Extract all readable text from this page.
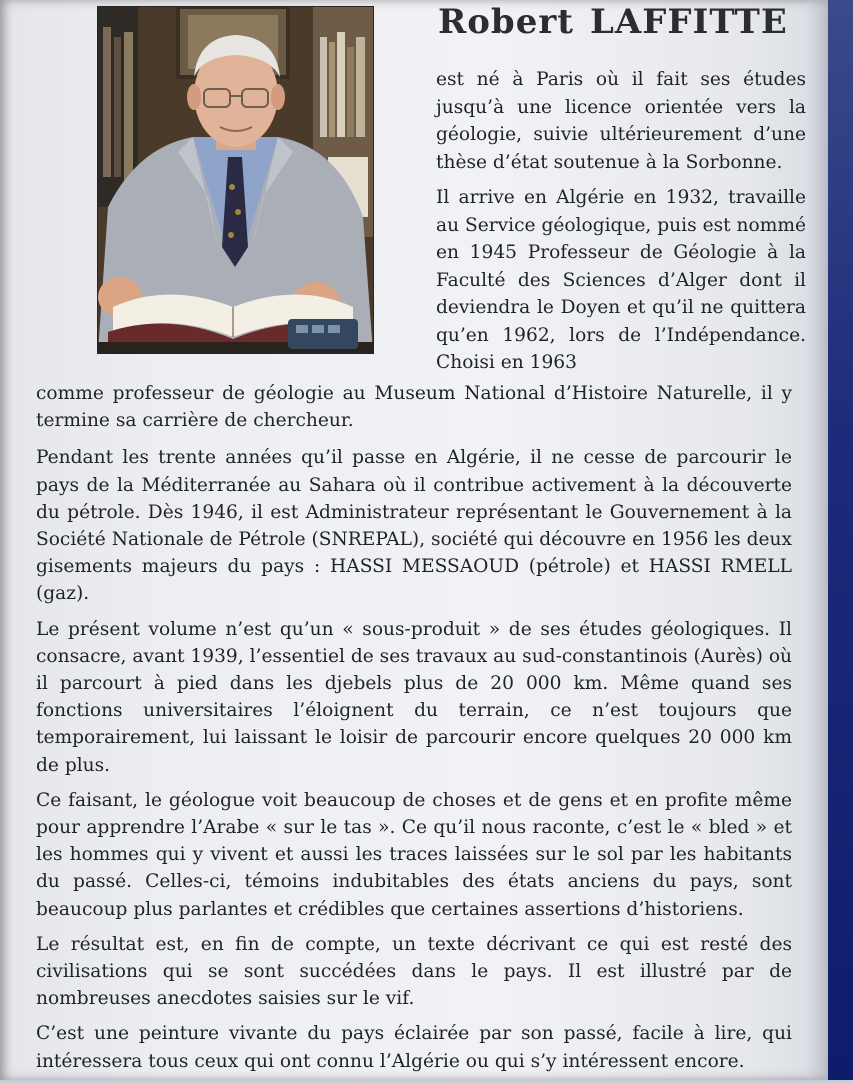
Robert LAFFITTE

est né à Paris où il fait ses études jusqu’à une licence orientée vers la géologie, suivie ultérieurement d’une thèse d’état soutenue à la Sorbonne.

Il arrive en Algérie en 1932, travaille au Service géologique, puis est nommé en 1945 Professeur de Géologie à la Faculté des Sciences d’Alger dont il deviendra le Doyen et qu’il ne quittera qu’en 1962, lors de l’Indépendance. Choisi en 1963

comme professeur de géologie au Museum National d’Histoire Naturelle, il y termine sa carrière de chercheur.

Pendant les trente années qu’il passe en Algérie, il ne cesse de parcourir le pays de la Méditerranée au Sahara où il contribue activement à la découverte du pétrole. Dès 1946, il est Administrateur représentant le Gouvernement à la Société Nationale de Pétrole (SNREPAL), société qui découvre en 1956 les deux gisements majeurs du pays : HASSI MESSAOUD (pétrole) et HASSI RMELL (gaz).

Le présent volume n’est qu’un « sous-produit » de ses études géologiques. Il consacre, avant 1939, l’essentiel de ses travaux au sud-constantinois (Aurès) où il parcourt à pied dans les djebels plus de 20 000 km. Même quand ses fonctions universitaires l’éloignent du terrain, ce n’est toujours que temporairement, lui laissant le loisir de parcourir encore quelques 20 000 km de plus.

Ce faisant, le géologue voit beaucoup de choses et de gens et en profite même pour apprendre l’Arabe « sur le tas ». Ce qu’il nous raconte, c’est le « bled » et les hommes qui y vivent et aussi les traces laissées sur le sol par les habitants du passé. Celles-ci, témoins indubitables des états anciens du pays, sont beaucoup plus parlantes et crédibles que certaines assertions d’historiens.

Le résultat est, en fin de compte, un texte décrivant ce qui est resté des civilisations qui se sont succédées dans le pays. Il est illustré par de nombreuses anecdotes saisies sur le vif.

C’est une peinture vivante du pays éclairée par son passé, facile à lire, qui intéressera tous ceux qui ont connu l’Algérie ou qui s’y intéressent encore.
